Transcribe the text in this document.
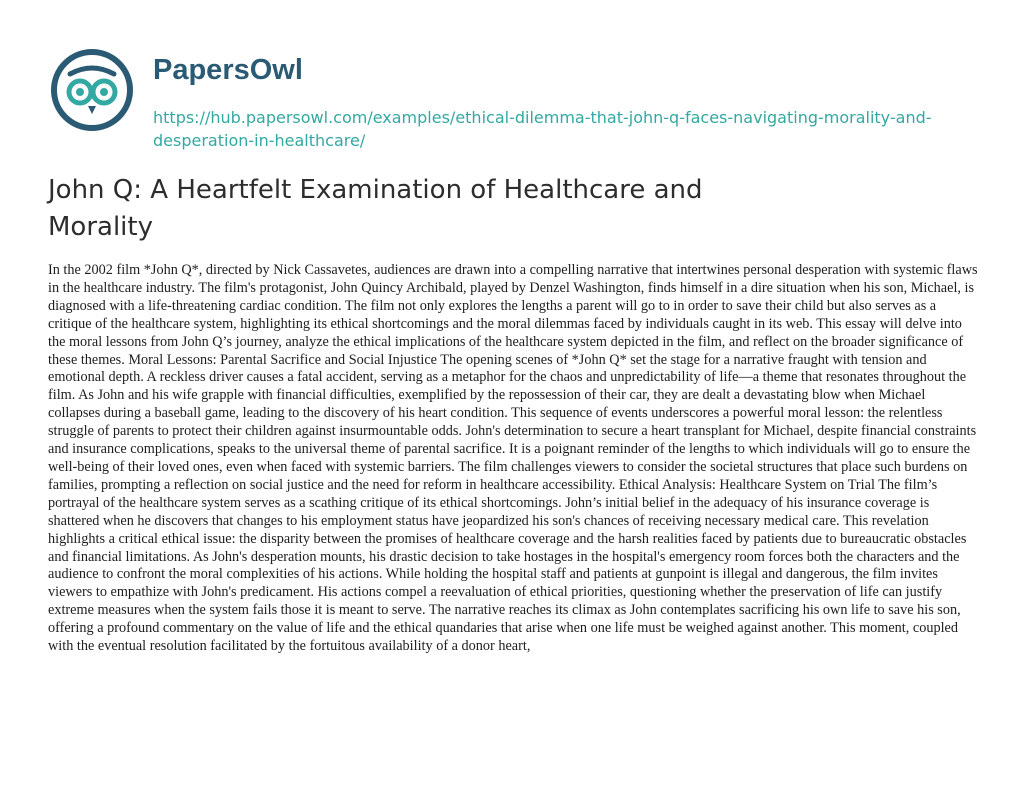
PapersOwl
https://hub.papersowl.com/examples/ethical-dilemma-that-john-q-faces-navigating-morality-and-desperation-in-healthcare/
John Q: A Heartfelt Examination of Healthcare and Morality

In the 2002 film *John Q*, directed by Nick Cassavetes, audiences are drawn into a compelling narrative that intertwines personal desperation with systemic flaws in the healthcare industry. The film's protagonist, John Quincy Archibald, played by Denzel Washington, finds himself in a dire situation when his son, Michael, is diagnosed with a life-threatening cardiac condition. The film not only explores the lengths a parent will go to in order to save their child but also serves as a critique of the healthcare system, highlighting its ethical shortcomings and the moral dilemmas faced by individuals caught in its web. This essay will delve into the moral lessons from John Q’s journey, analyze the ethical implications of the healthcare system depicted in the film, and reflect on the broader significance of these themes. Moral Lessons: Parental Sacrifice and Social Injustice The opening scenes of *John Q* set the stage for a narrative fraught with tension and emotional depth. A reckless driver causes a fatal accident, serving as a metaphor for the chaos and unpredictability of life—a theme that resonates throughout the film. As John and his wife grapple with financial difficulties, exemplified by the repossession of their car, they are dealt a devastating blow when Michael collapses during a baseball game, leading to the discovery of his heart condition. This sequence of events underscores a powerful moral lesson: the relentless struggle of parents to protect their children against insurmountable odds. John's determination to secure a heart transplant for Michael, despite financial constraints and insurance complications, speaks to the universal theme of parental sacrifice. It is a poignant reminder of the lengths to which individuals will go to ensure the well-being of their loved ones, even when faced with systemic barriers. The film challenges viewers to consider the societal structures that place such burdens on families, prompting a reflection on social justice and the need for reform in healthcare accessibility. Ethical Analysis: Healthcare System on Trial The film’s portrayal of the healthcare system serves as a scathing critique of its ethical shortcomings. John’s initial belief in the adequacy of his insurance coverage is shattered when he discovers that changes to his employment status have jeopardized his son's chances of receiving necessary medical care. This revelation highlights a critical ethical issue: the disparity between the promises of healthcare coverage and the harsh realities faced by patients due to bureaucratic obstacles and financial limitations. As John's desperation mounts, his drastic decision to take hostages in the hospital's emergency room forces both the characters and the audience to confront the moral complexities of his actions. While holding the hospital staff and patients at gunpoint is illegal and dangerous, the film invites viewers to empathize with John's predicament. His actions compel a reevaluation of ethical priorities, questioning whether the preservation of life can justify extreme measures when the system fails those it is meant to serve. The narrative reaches its climax as John contemplates sacrificing his own life to save his son, offering a profound commentary on the value of life and the ethical quandaries that arise when one life must be weighed against another. This moment, coupled with the eventual resolution facilitated by the fortuitous availability of a donor heart,
